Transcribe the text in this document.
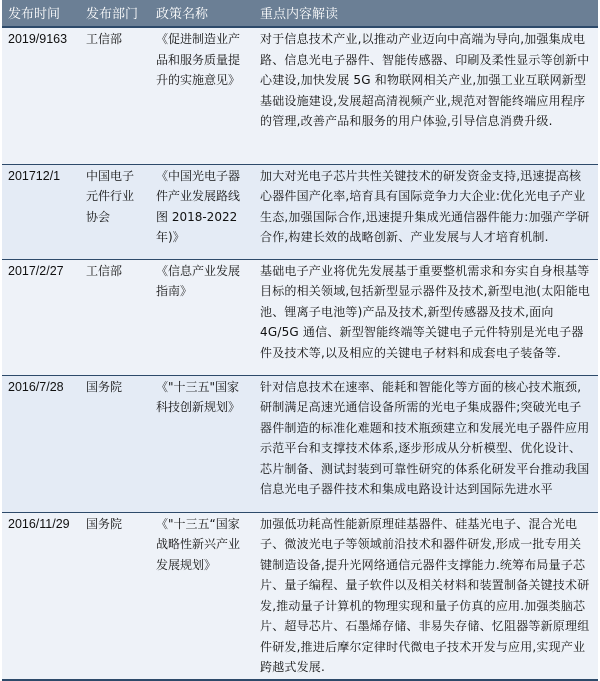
发布时间	发布部门	政策名称	重点内容解读
2019/9163	工信部	《促进制造业产品和服务质量提升的实施意见》	对于信息技术产业,以推动产业迈向中高端为导向,加强集成电路、信息光电子器件、智能传感器、印刷及柔性显示等创新中心建设,加快发展 5G 和物联网相关产业,加强工业互联网新型基础设施建设,发展超高清视频产业,规范对智能终端应用程序的管理,改善产品和服务的用户体验,引导信息消费升级.
201712/1	中国电子元件行业协会	《中国光电子器件产业发展路线图 2018-2022年)》	加大对光电子芯片共性关键技术的研发资金支持,迅速提高核心器件国产化率,培育具有国际竞争力大企业:优化光电子产业生态,加强国际合作,迅速提升集成光通信器件能力:加强产学研合作,构建长效的战略创新、产业发展与人才培育机制.
2017/2/27	工信部	《信息产业发展指南》	基础电子产业将优先发展基于重要整机需求和夯实自身根基等目标的相关领域,包括新型显示器件及技术,新型电池(太阳能电池、锂离子电池等)产品及技术,新型传感器及技术,面向 4G/5G 通信、新型智能终端等关键电子元件特别是光电子器件及技术等,以及相应的关键电子材料和成套电子装备等.
2016/7/28	国务院	《"十三五"国家科技创新规划》	针对信息技术在速率、能耗和智能化等方面的核心技术瓶颈,研制满足高速光通信设备所需的光电子集成器件;突破光电子器件制造的标准化难题和技术瓶颈建立和发展光电子器件应用示范平台和支撑技术体系,逐步形成从分析模型、优化设计、芯片制备、测试封装到可靠性研究的体系化研发平台推动我国信息光电子器件技术和集成电路设计达到国际先进水平
2016/11/29	国务院	《"十三五“国家战略性新兴产业发展规划》	加强低功耗高性能新原理硅基器件、硅基光电子、混合光电子、微波光电子等领域前沿技术和器件研发,形成一批专用关键制造设备,提升光网络通信元器件支撑能力.统筹布局量子芯片、量子编程、量子软件以及相关材料和装置制备关键技术研发,推动量子计算机的物理实现和量子仿真的应用.加强类脑芯片、超导芯片、石墨烯存储、非易失存储、忆阻器等新原理组件研发,推进后摩尔定律时代微电子技术开发与应用,实现产业跨越式发展.
